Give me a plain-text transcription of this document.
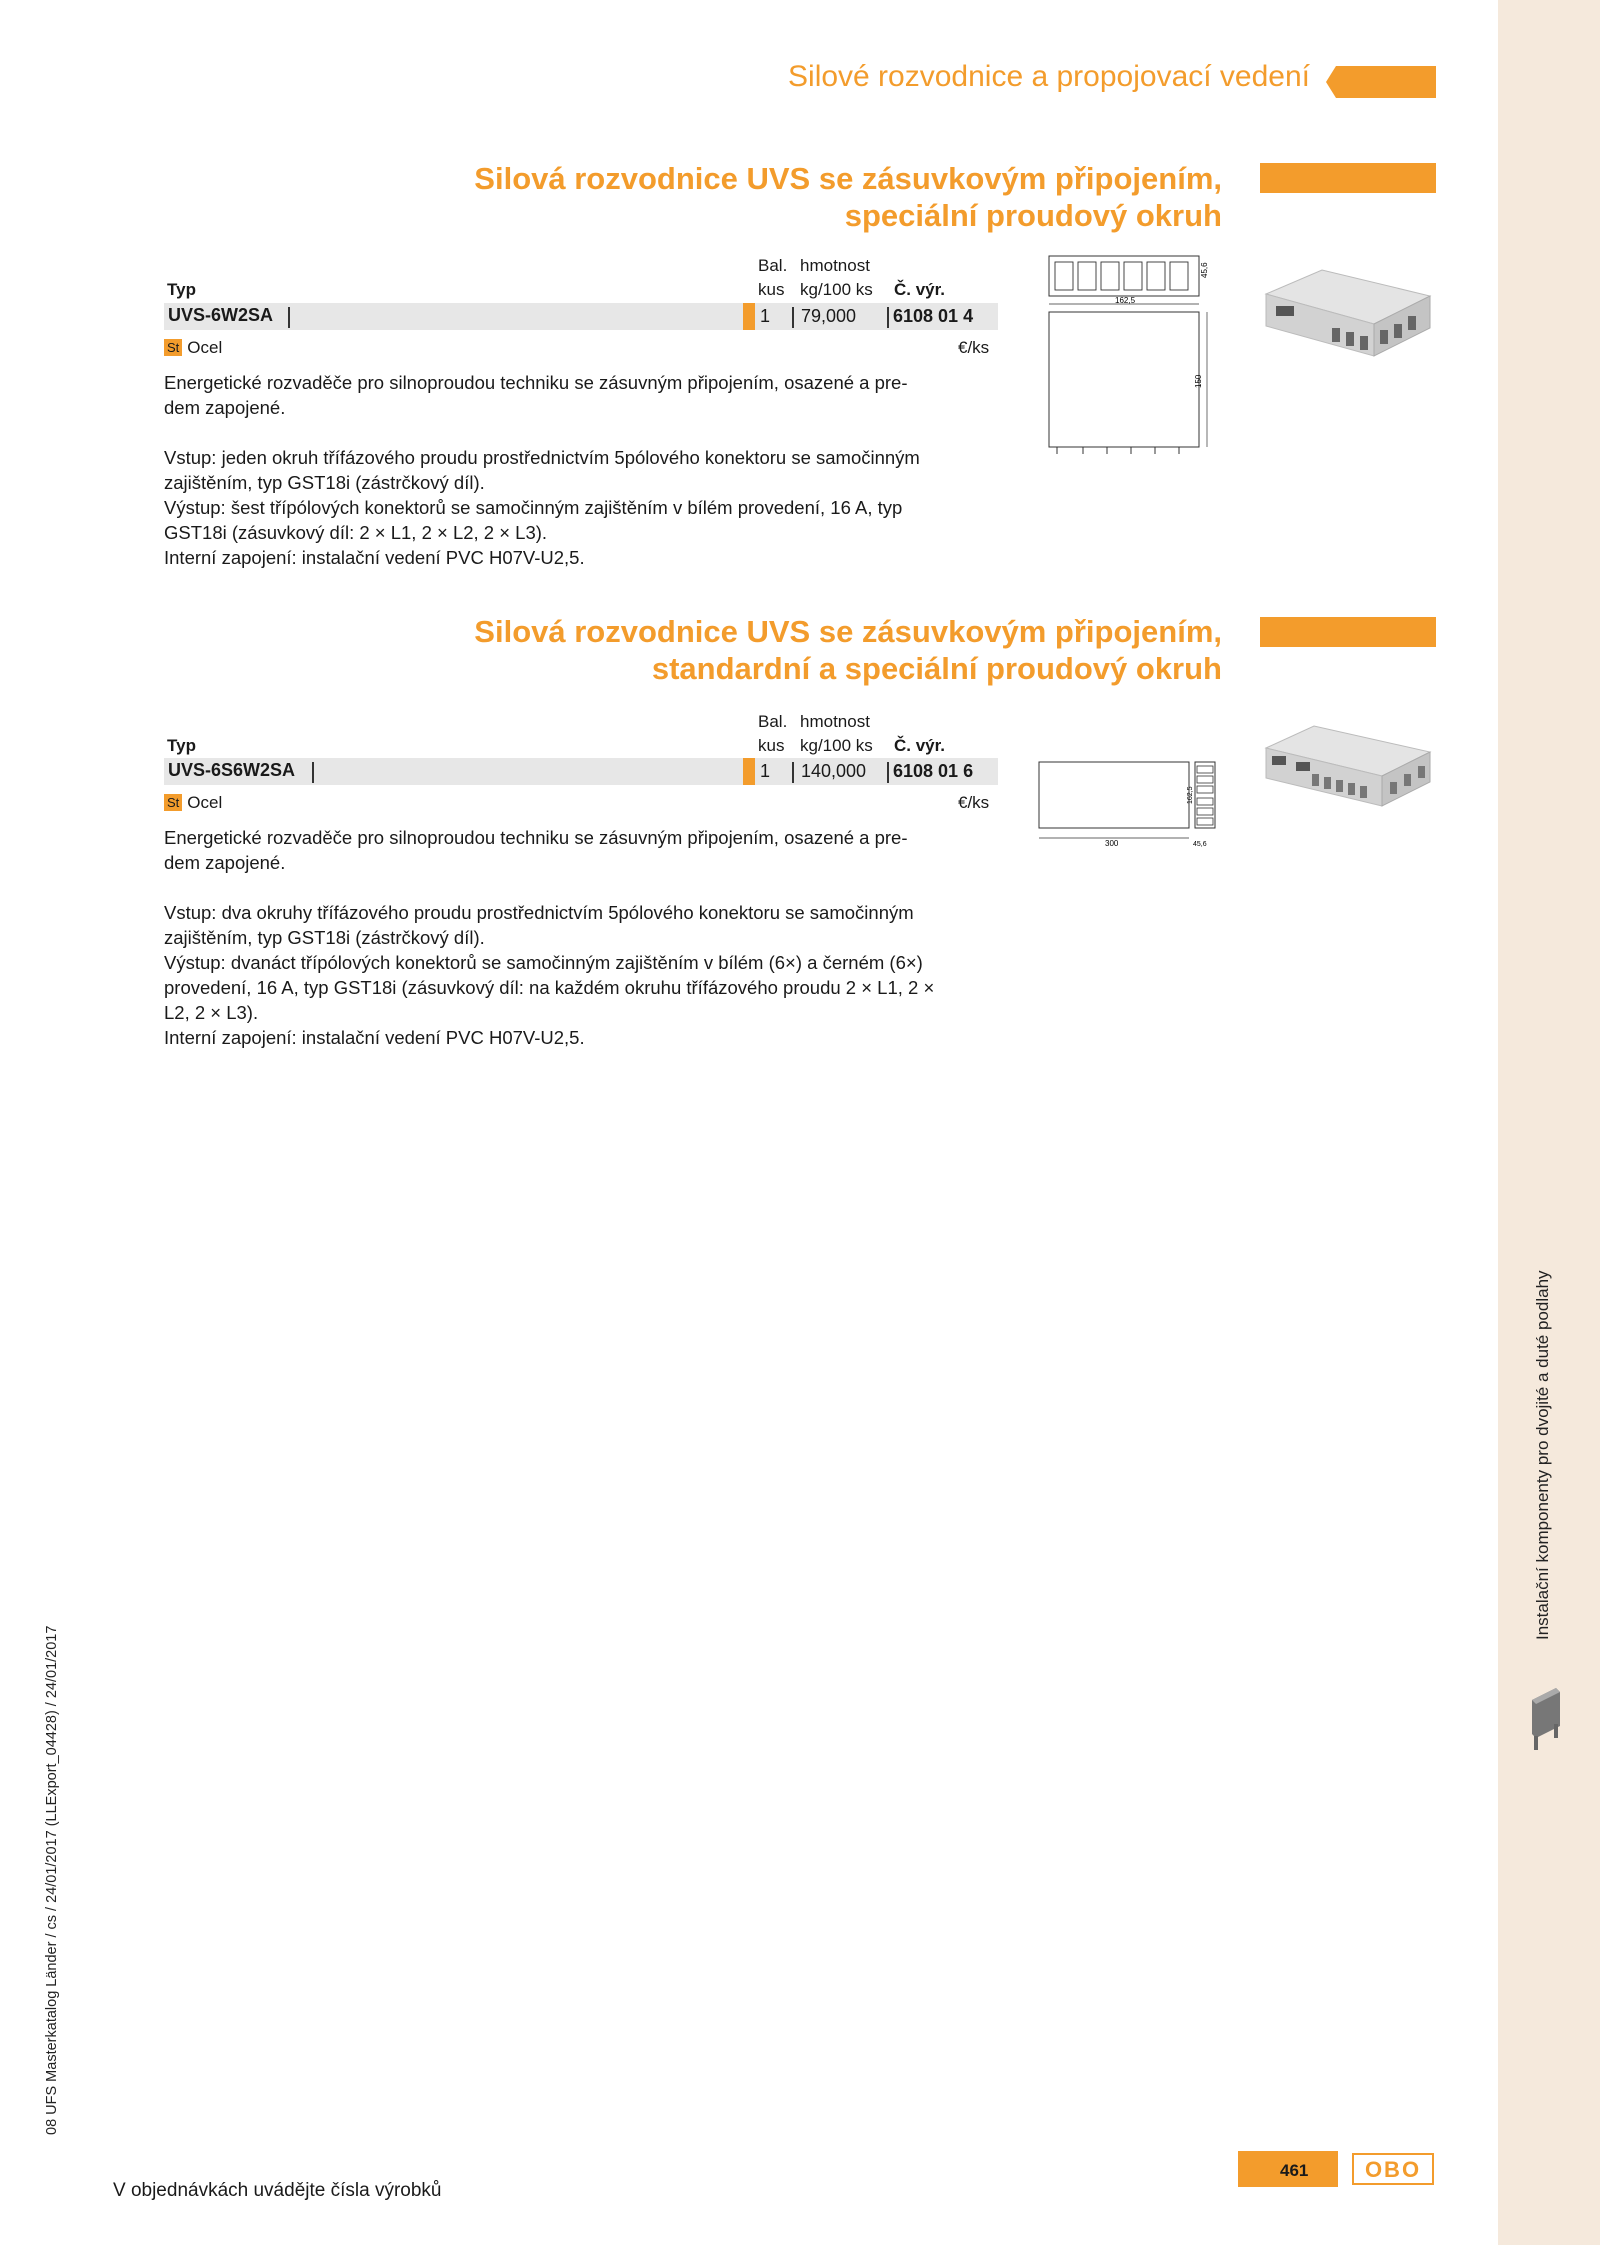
Instalační komponenty pro dvojité a duté podlahy
08 UFS Masterkatalog Länder / cs / 24/01/2017 (LLExport_04428) / 24/01/2017
Silové rozvodnice a propojovací vedení
Silová rozvodnice UVS se zásuvkovým připojením,
speciální proudový okruh
Bal. hmotnost
Typ	kus kg/100 ks Č. výr.
UVS-6W2SA	1 79,000 6108 01 4
St Ocel	€/ks

Energetické rozvaděče pro silnoproudou techniku se zásuvným připojením, osazené a pre-

dem zapojené.

Vstup: jeden okruh třífázového proudu prostřednictvím 5pólového konektoru se samočinným

zajištěním, typ GST18i (zástrčkový díl).

Výstup: šest třípólových konektorů se samočinným zajištěním v bílém provedení, 16 A, typ

GST18i (zásuvkový díl: 2 × L1, 2 × L2, 2 × L3).

Interní zapojení: instalační vedení PVC H07V-U2,5.

162,5
45,6
150
Silová rozvodnice UVS se zásuvkovým připojením,
standardní a speciální proudový okruh
Bal. hmotnost
Typ	kus kg/100 ks Č. výr.
UVS-6S6W2SA	1 140,000 6108 01 6
St Ocel	€/ks

Energetické rozvaděče pro silnoproudou techniku se zásuvným připojením, osazené a pre-

dem zapojené.

Vstup: dva okruhy třífázového proudu prostřednictvím 5pólového konektoru se samočinným

zajištěním, typ GST18i (zástrčkový díl).

Výstup: dvanáct třípólových konektorů se samočinným zajištěním v bílém (6×) a černém (6×)

provedení, 16 A, typ GST18i (zásuvkový díl: na každém okruhu třífázového proudu 2 × L1, 2 ×

L2, 2 × L3).

Interní zapojení: instalační vedení PVC H07V-U2,5.

300
162,5
45,6
V objednávkách uvádějte čísla výrobků
461	OBO
